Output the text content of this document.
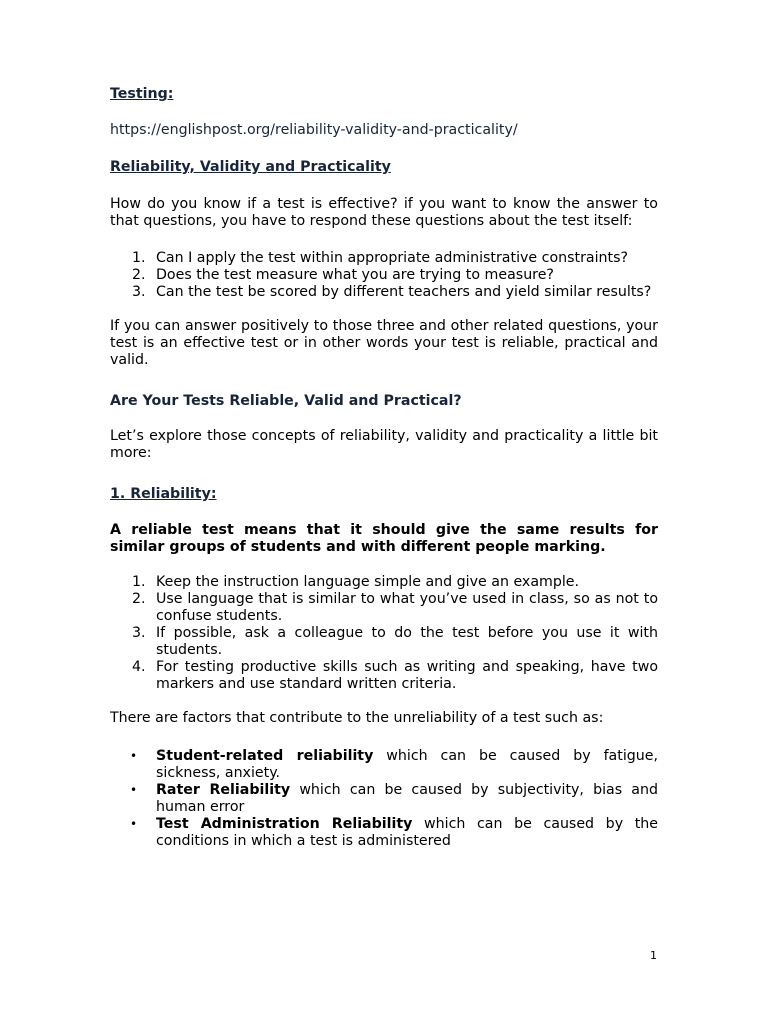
Testing:

https://englishpost.org/reliability-validity-and-practicality/

Reliability, Validity and Practicality

How do you know if a test is effective? if you want to know the answer to that questions, you have to respond these questions about the test itself:

1. Can I apply the test within appropriate administrative constraints?
2. Does the test measure what you are trying to measure?
3. Can the test be scored by different teachers and yield similar results?

If you can answer positively to those three and other related questions, your test is an effective test or in other words your test is reliable, practical and valid.

Are Your Tests Reliable, Valid and Practical?

Let’s explore those concepts of reliability, validity and practicality a little bit more:

1. Reliability:

A reliable test means that it should give the same results for similar groups of students and with different people marking.

1. Keep the instruction language simple and give an example.
2. Use language that is similar to what you’ve used in class, so as not to confuse students.
3. If possible, ask a colleague to do the test before you use it with students.
4. For testing productive skills such as writing and speaking, have two markers and use standard written criteria.

There are factors that contribute to the unreliability of a test such as:

• Student-related reliability which can be caused by fatigue, sickness, anxiety.
• Rater Reliability which can be caused by subjectivity, bias and human error
• Test Administration Reliability which can be caused by the conditions in which a test is administered
1
